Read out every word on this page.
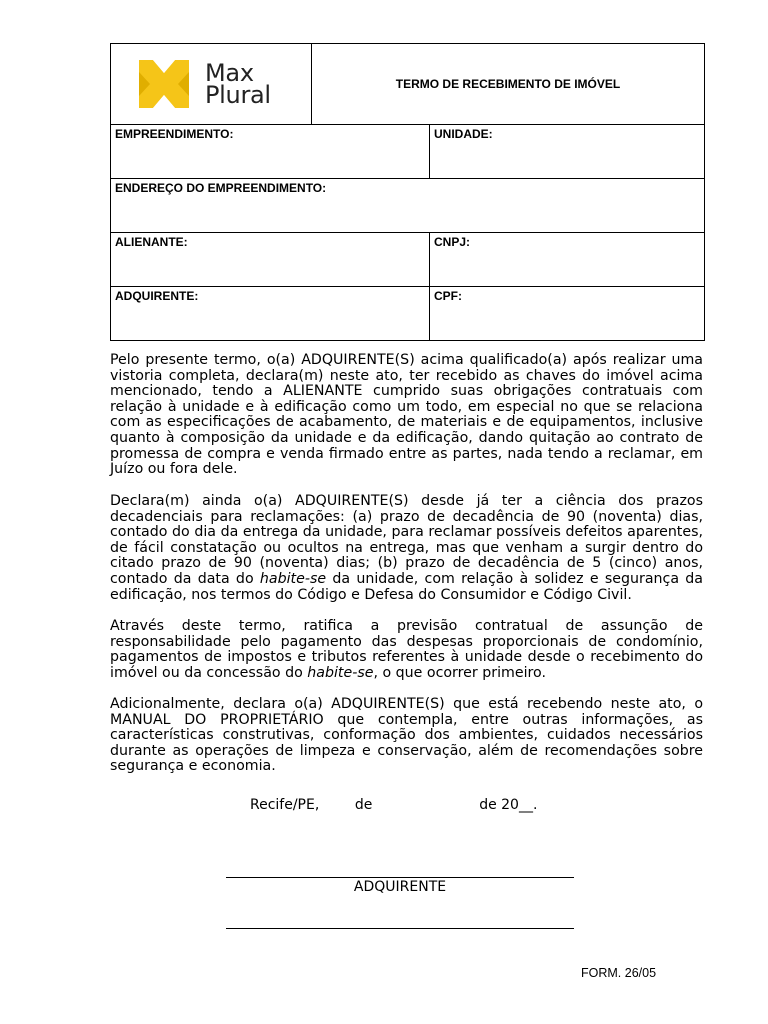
Max
Plural	TERMO DE RECEBIMENTO DE IMÓVEL	
EMPREENDIMENTO:		UNIDADE:
ENDEREÇO DO EMPREENDIMENTO:		
ALIENANTE:		CNPJ:
ADQUIRENTE:		CPF:

Pelo presente termo, o(a) ADQUIRENTE(S) acima qualificado(a) após realizar uma vistoria completa, declara(m) neste ato, ter recebido as chaves do imóvel acima mencionado, tendo a ALIENANTE cumprido suas obrigações contratuais com relação à unidade e à edificação como um todo, em especial no que se relaciona com as especificações de acabamento, de materiais e de equipamentos, inclusive quanto à composição da unidade e da edificação, dando quitação ao contrato de promessa de compra e venda firmado entre as partes, nada tendo a reclamar, em Juízo ou fora dele.

Declara(m) ainda o(a) ADQUIRENTE(S) desde já ter a ciência dos prazos decadenciais para reclamações: (a) prazo de decadência de 90 (noventa) dias, contado do dia da entrega da unidade, para reclamar possíveis defeitos aparentes, de fácil constatação ou ocultos na entrega, mas que venham a surgir dentro do citado prazo de 90 (noventa) dias; (b) prazo de decadência de 5 (cinco) anos, contado da data do habite-se da unidade, com relação à solidez e segurança da edificação, nos termos do Código e Defesa do Consumidor e Código Civil.

Através deste termo, ratifica a previsão contratual de assunção de responsabilidade pelo pagamento das despesas proporcionais de condomínio, pagamentos de impostos e tributos referentes à unidade desde o recebimento do imóvel ou da concessão do habite-se, o que ocorrer primeiro.

Adicionalmente, declara o(a) ADQUIRENTE(S) que está recebendo neste ato, o MANUAL DO PROPRIETÁRIO que contempla, entre outras informações, as características construtivas, conformação dos ambientes, cuidados necessários durante as operações de limpeza e conservação, além de recomendações sobre segurança e economia.

Recife/PE,        de                        de 20__.
ADQUIRENTE
FORM. 26/05
